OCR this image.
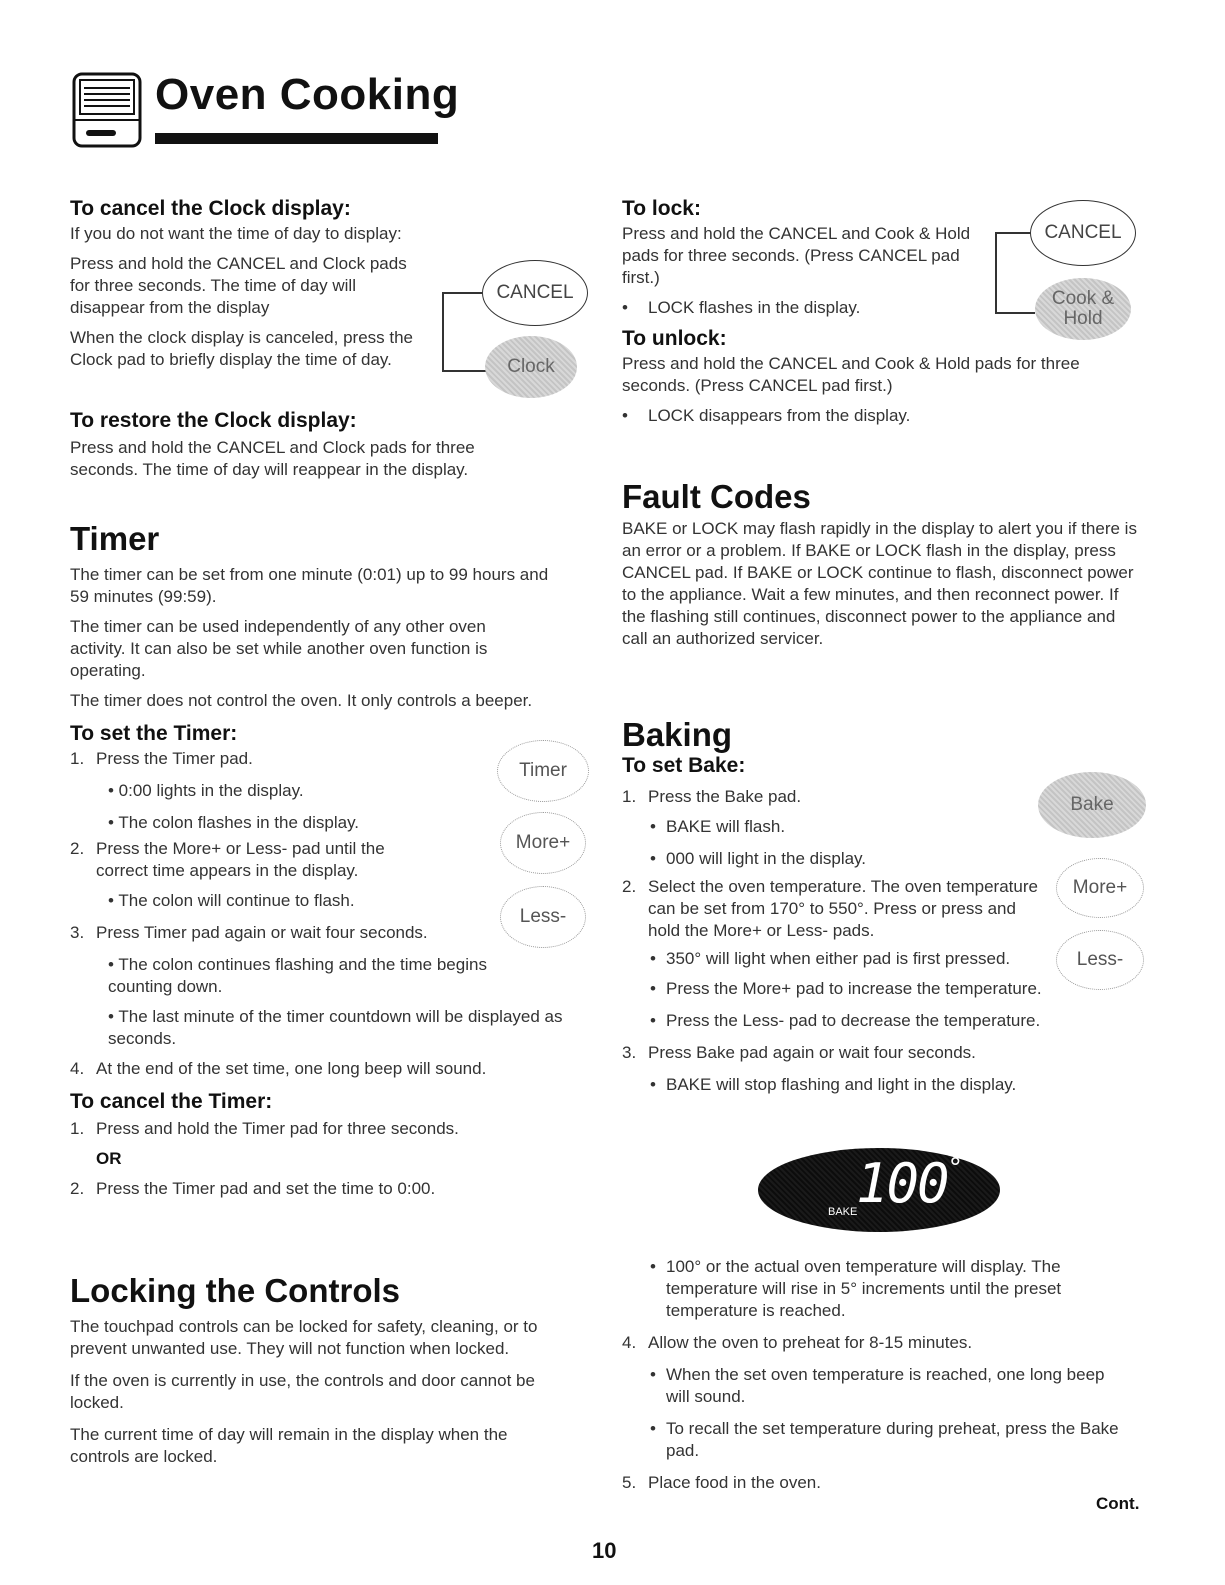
Oven Cooking

To cancel the Clock display:

If you do not want the time of day to display:

Press and hold the CANCEL and Clock pads for three seconds. The time of day will disappear from the display

When the clock display is canceled, press the Clock pad to briefly display the time of day.

CANCEL
Clock

To restore the Clock display:

Press and hold the CANCEL and Clock pads for three seconds. The time of day will reappear in the display.

Timer

The timer can be set from one minute (0:01) up to 99 hours and 59 minutes (99:59).

The timer can be used independently of any other oven activity. It can also be set while another oven function is operating.

The timer does not control the oven. It only controls a beeper.

To set the Timer:

1. Press the Timer pad.

• 0:00 lights in the display.

• The colon flashes in the display.

2. Press the More+ or Less- pad until the correct time appears in the display.

• The colon will continue to flash.

3. Press Timer pad again or wait four seconds.

• The colon continues flashing and the time begins counting down.

• The last minute of the timer countdown will be displayed as seconds.

4. At the end of the set time, one long beep will sound.

To cancel the Timer:

1. Press and hold the Timer pad for three seconds.

OR

2. Press the Timer pad and set the time to 0:00.

Timer
More+
Less-

Locking the Controls

The touchpad controls can be locked for safety, cleaning, or to prevent unwanted use. They will not function when locked.

If the oven is currently in use, the controls and door cannot be locked.

The current time of day will remain in the display when the controls are locked.

To lock:

Press and hold the CANCEL and Cook & Hold pads for three seconds. (Press CANCEL pad first.)

• LOCK flashes in the display.

To unlock:

Press and hold the CANCEL and Cook & Hold pads for three seconds. (Press CANCEL pad first.)

• LOCK disappears from the display.

CANCEL
Cook & Hold

Fault Codes

BAKE or LOCK may flash rapidly in the display to alert you if there is an error or a problem. If BAKE or LOCK flash in the display, press CANCEL pad. If BAKE or LOCK continue to flash, disconnect power to the appliance. Wait a few minutes, and then reconnect power. If the flashing still continues, disconnect power to the appliance and call an authorized servicer.

Baking

To set Bake:

1. Press the Bake pad.

• BAKE will flash.

• 000 will light in the display.

2. Select the oven temperature. The oven temperature can be set from 170° to 550°. Press or press and hold the More+ or Less- pads.

• 350° will light when either pad is first pressed.

• Press the More+ pad to increase the temperature.

• Press the Less- pad to decrease the temperature.

3. Press Bake pad again or wait four seconds.

• BAKE will stop flashing and light in the display.

Bake
More+
Less-
100°
BAKE

• 100° or the actual oven temperature will display. The temperature will rise in 5° increments until the preset temperature is reached.

4. Allow the oven to preheat for 8-15 minutes.

• When the set oven temperature is reached, one long beep will sound.

• To recall the set temperature during preheat, press the Bake pad.

5. Place food in the oven.

10
Cont.
